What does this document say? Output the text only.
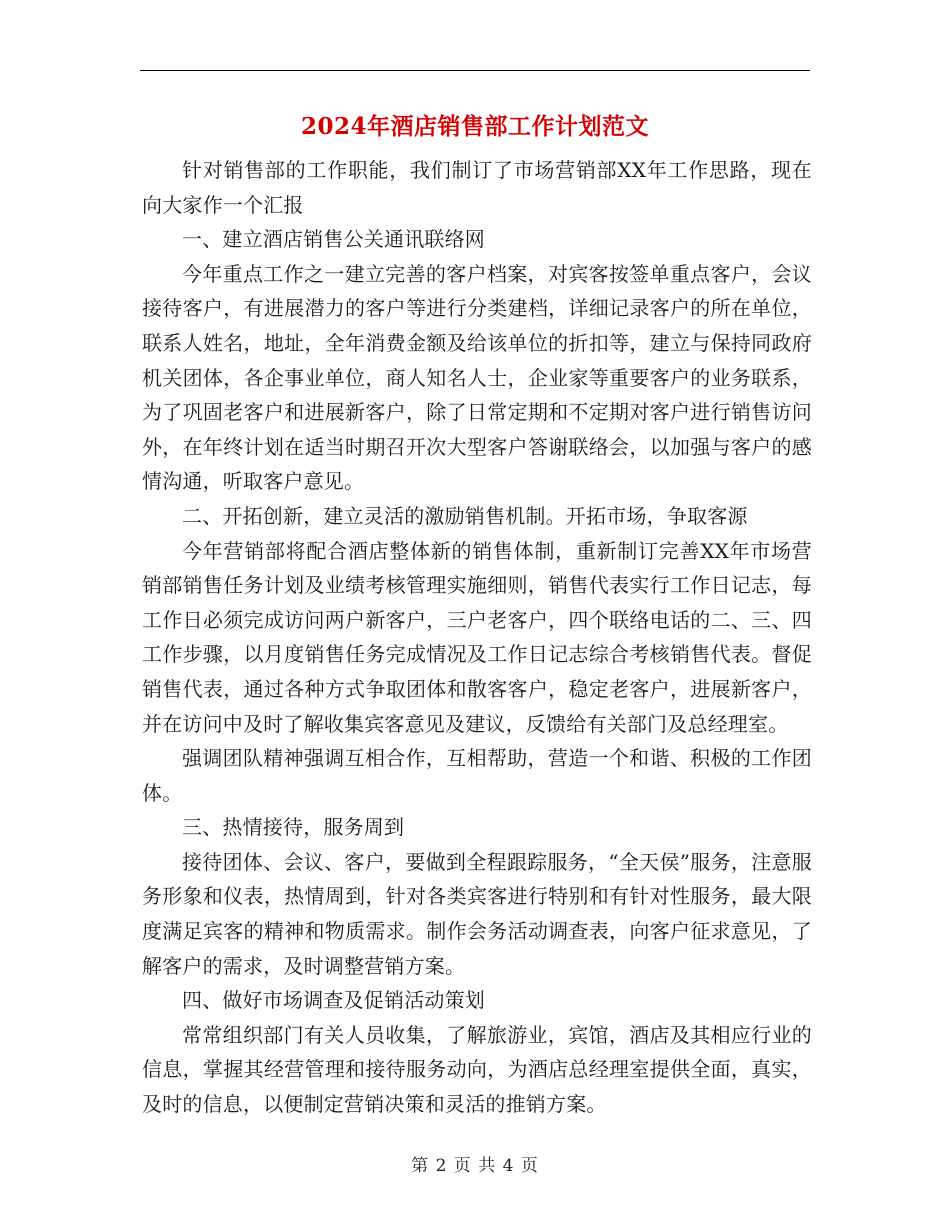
2024年酒店销售部工作计划范文

针对销售部的工作职能，我们制订了市场营销部XX年工作思路，现在向大家作一个汇报

一、建立酒店销售公关通讯联络网

今年重点工作之一建立完善的客户档案，对宾客按签单重点客户，会议接待客户，有进展潜力的客户等进行分类建档，详细记录客户的所在单位，联系人姓名，地址，全年消费金额及给该单位的折扣等，建立与保持同政府机关团体，各企事业单位，商人知名人士，企业家等重要客户的业务联系，为了巩固老客户和进展新客户，除了日常定期和不定期对客户进行销售访问外，在年终计划在适当时期召开次大型客户答谢联络会，以加强与客户的感情沟通，听取客户意见。

二、开拓创新，建立灵活的激励销售机制。开拓市场，争取客源

今年营销部将配合酒店整体新的销售体制，重新制订完善XX年市场营销部销售任务计划及业绩考核管理实施细则，销售代表实行工作日记志，每工作日必须完成访问两户新客户，三户老客户，四个联络电话的二、三、四工作步骤，以月度销售任务完成情况及工作日记志综合考核销售代表。督促销售代表，通过各种方式争取团体和散客客户，稳定老客户，进展新客户，并在访问中及时了解收集宾客意见及建议，反馈给有关部门及总经理室。

强调团队精神强调互相合作，互相帮助，营造一个和谐、积极的工作团体。

三、热情接待，服务周到

接待团体、会议、客户，要做到全程跟踪服务，“全天侯”服务，注意服务形象和仪表，热情周到，针对各类宾客进行特别和有针对性服务，最大限度满足宾客的精神和物质需求。制作会务活动调查表，向客户征求意见，了解客户的需求，及时调整营销方案。

四、做好市场调查及促销活动策划

常常组织部门有关人员收集，了解旅游业，宾馆，酒店及其相应行业的信息，掌握其经营管理和接待服务动向，为酒店总经理室提供全面，真实，及时的信息，以便制定营销决策和灵活的推销方案。

第 2 页 共 4 页
